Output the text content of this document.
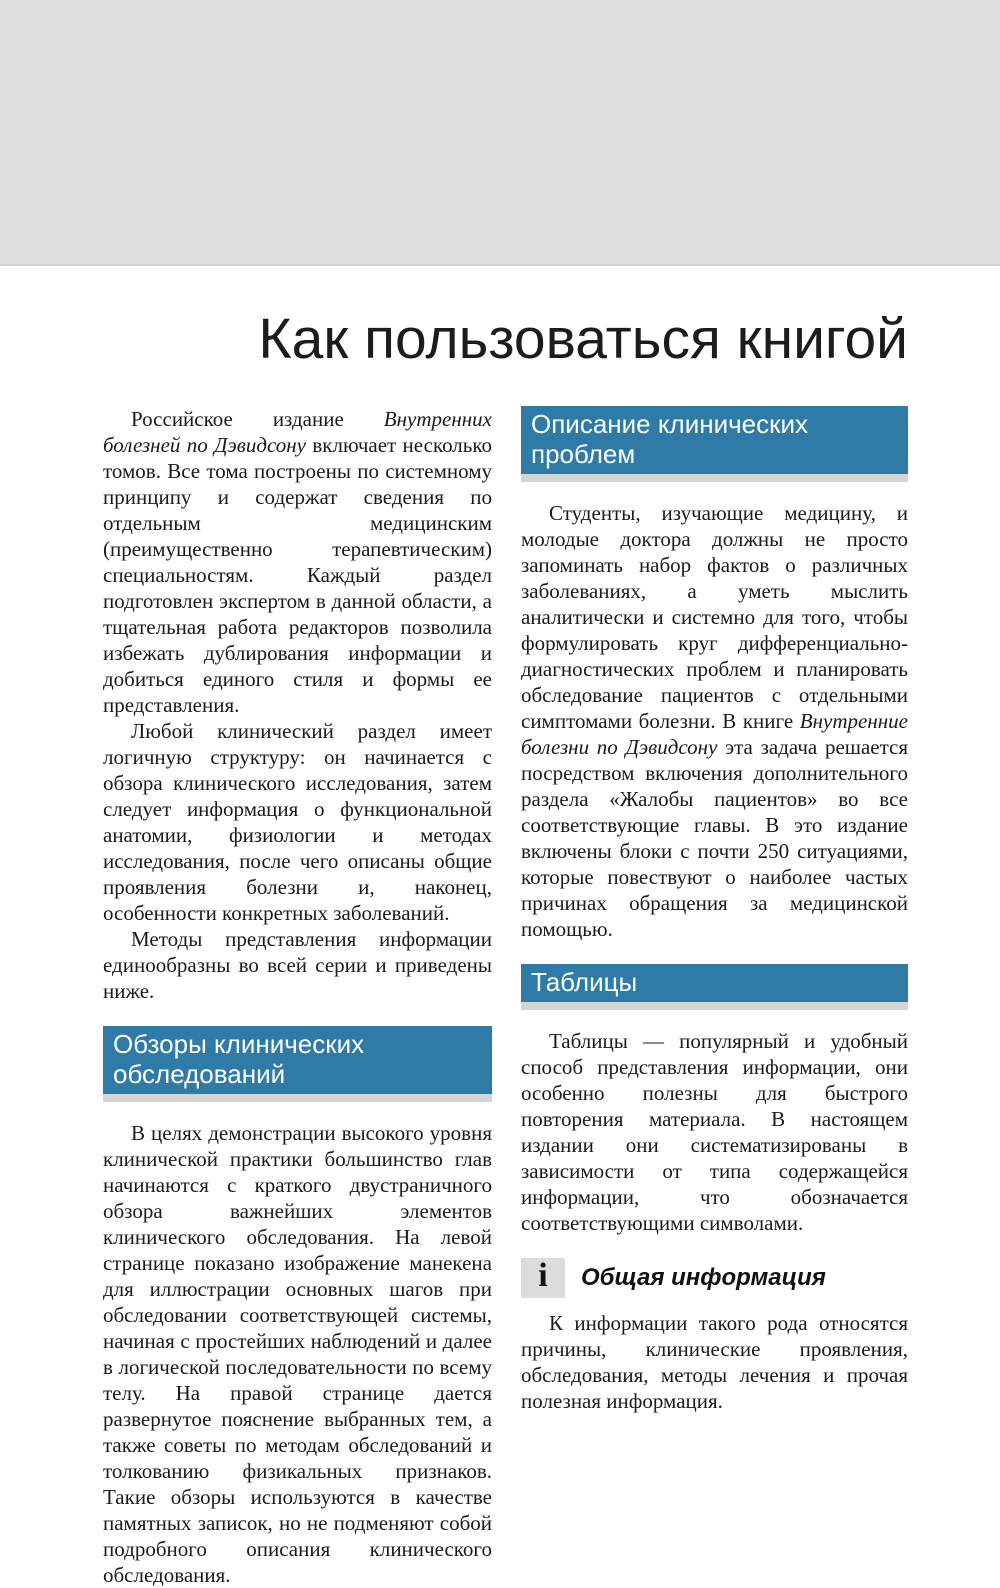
Как пользоваться книгой

Российское издание Внутренних болезней по Дэвидсону включает несколько томов. Все тома построены по системному принципу и содержат сведения по отдельным медицинским (преимущественно терапевтическим) специальностям. Каждый раздел подготовлен экспертом в данной области, а тщательная работа редакторов позволила избежать дублирования информации и добиться единого стиля и формы ее представления.

Любой клинический раздел имеет логичную структуру: он начинается с обзора клинического исследования, затем следует информация о функциональной анатомии, физиологии и методах исследования, после чего описаны общие проявления болезни и, наконец, особенности конкретных заболеваний.

Методы представления информации единообразны во всей серии и приведены ниже.

Обзоры клинических обследований

В целях демонстрации высокого уровня клинической практики большинство глав начинаются с краткого двустраничного обзора важнейших элементов клинического обследования. На левой странице показано изображение манекена для иллюстрации основных шагов при обследовании соответствующей системы, начиная с простейших наблюдений и далее в логической последовательности по всему телу. На правой странице дается развернутое пояснение выбранных тем, а также советы по методам обследований и толкованию физикальных признаков. Такие обзоры используются в качестве памятных записок, но не подменяют собой подробного описания клинического обследования.

Описание клинических проблем

Студенты, изучающие медицину, и молодые доктора должны не просто запоминать набор фактов о различных заболеваниях, а уметь мыслить аналитически и системно для того, чтобы формулировать круг дифференциально-диагностических проблем и планировать обследование пациентов с отдельными симптомами болезни. В книге Внутренние болезни по Дэвидсону эта задача решается посредством включения дополнительного раздела «Жалобы пациентов» во все соответствующие главы. В это издание включены блоки с почти 250 ситуациями, которые повествуют о наиболее частых причинах обращения за медицинской помощью.

Таблицы

Таблицы — популярный и удобный способ представления информации, они особенно полезны для быстрого повторения материала. В настоящем издании они систематизированы в зависимости от типа содержащейся информации, что обозначается соответствующими символами.

i Общая информация

К информации такого рода относятся причины, клинические проявления, обследования, методы лечения и прочая полезная информация.
